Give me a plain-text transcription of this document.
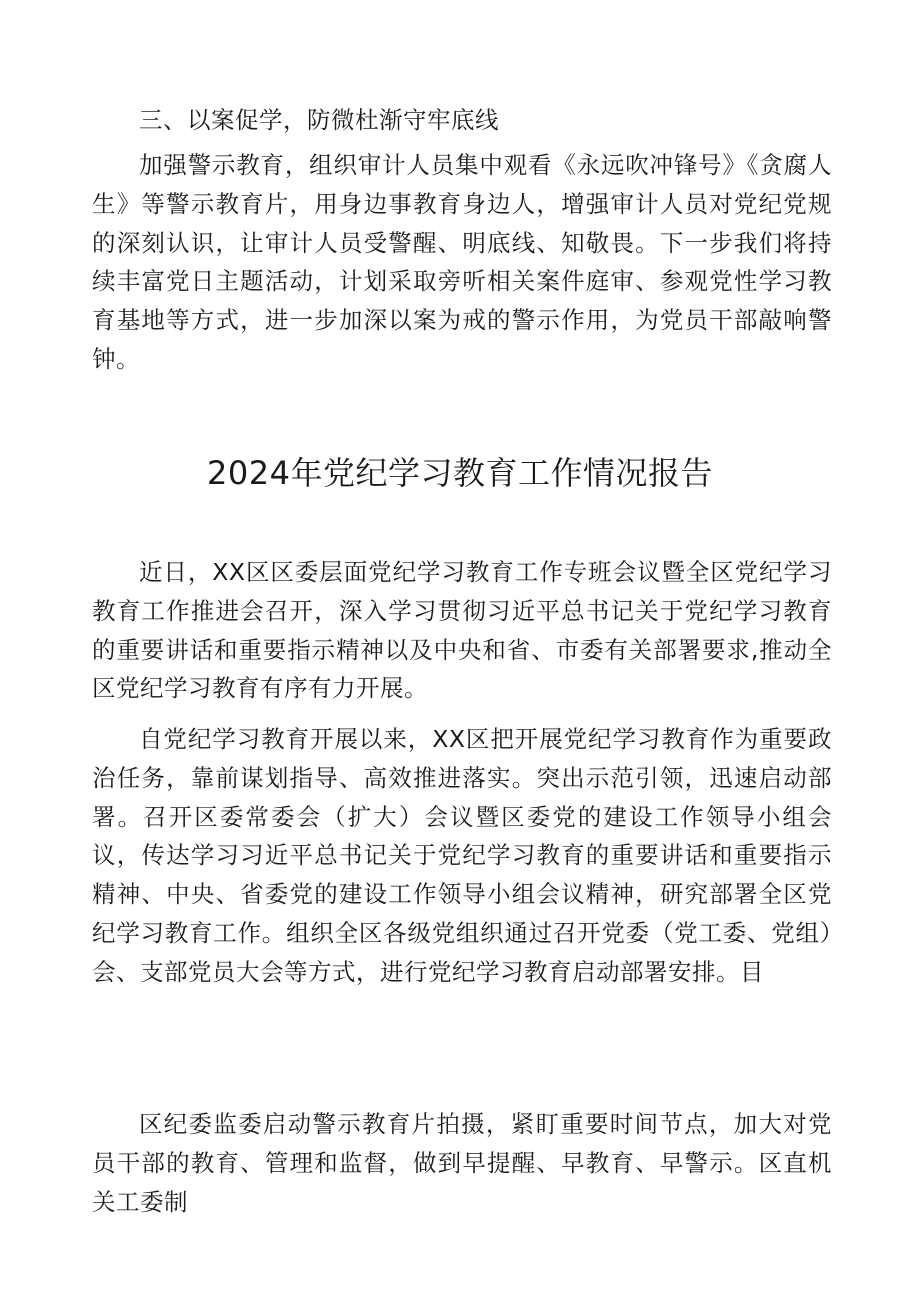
三、以案促学，防微杜渐守牢底线

加强警示教育，组织审计人员集中观看《永远吹冲锋号》《贪腐人生》等警示教育片，用身边事教育身边人，增强审计人员对党纪党规的深刻认识，让审计人员受警醒、明底线、知敬畏。下一步我们将持续丰富党日主题活动，计划采取旁听相关案件庭审、参观党性学习教育基地等方式，进一步加深以案为戒的警示作用，为党员干部敲响警钟。

2024年党纪学习教育工作情况报告

近日，XX区区委层面党纪学习教育工作专班会议暨全区党纪学习教育工作推进会召开，深入学习贯彻习近平总书记关于党纪学习教育的重要讲话和重要指示精神以及中央和省、市委有关部署要求,推动全区党纪学习教育有序有力开展。

自党纪学习教育开展以来，XX区把开展党纪学习教育作为重要政治任务，靠前谋划指导、高效推进落实。突出示范引领，迅速启动部署。召开区委常委会（扩大）会议暨区委党的建设工作领导小组会议，传达学习习近平总书记关于党纪学习教育的重要讲话和重要指示精神、中央、省委党的建设工作领导小组会议精神，研究部署全区党纪学习教育工作。组织全区各级党组织通过召开党委（党工委、党组）会、支部党员大会等方式，进行党纪学习教育启动部署安排。目

区纪委监委启动警示教育片拍摄，紧盯重要时间节点，加大对党员干部的教育、管理和监督，做到早提醒、早教育、早警示。区直机关工委制
